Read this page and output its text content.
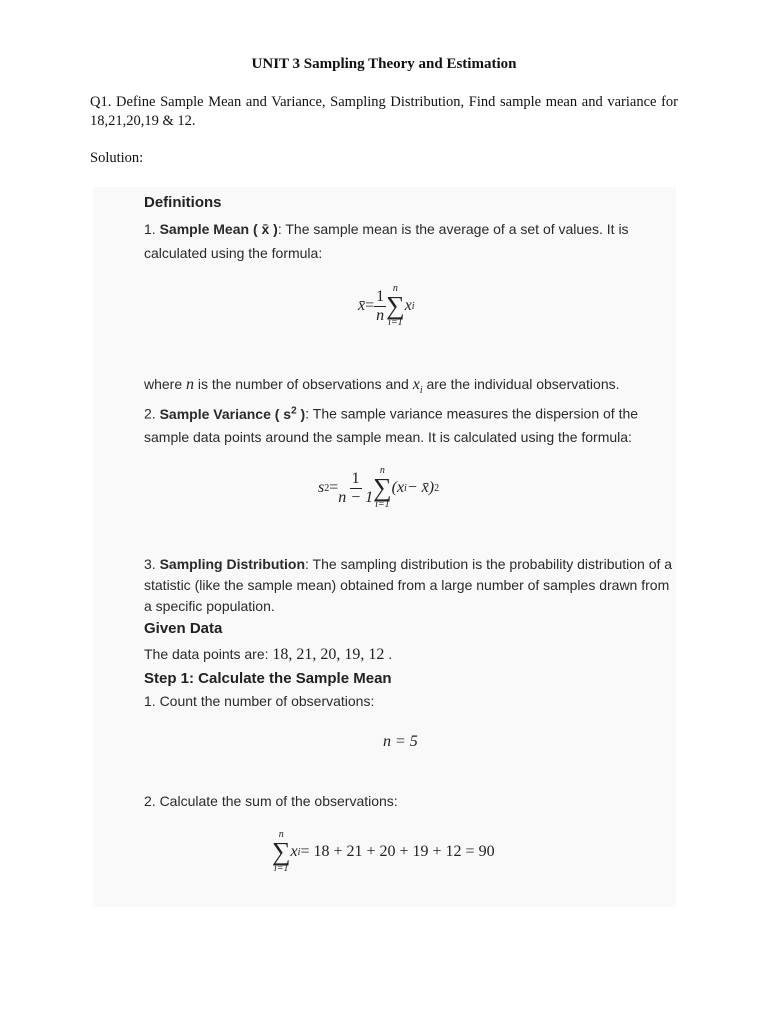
UNIT 3 Sampling Theory and Estimation
Q1. Define Sample Mean and Variance, Sampling Distribution, Find sample mean and variance for 18,21,20,19 & 12.
Solution:
Definitions
1. Sample Mean ( x̄ ): The sample mean is the average of a set of values. It is
calculated using the formula:
x̄ = $\frac{1}{n}$ n
∑
i=1
x i
where n is the number of observations and $x_i$ are the individual observations.
2. Sample Variance ( $s^2$ ): The sample variance measures the dispersion of the
sample data points around the sample mean. It is calculated using the formula:
s $2 = \frac{1}{n - 1}$ n
∑
i=1
(x i − x̄) 2
3. Sampling Distribution: The sampling distribution is the probability distribution of a
statistic (like the sample mean) obtained from a large number of samples drawn from
a specific population.
Given Data
The data points are: 18, 21, 20, 19, 12 .
Step 1: Calculate the Sample Mean
1. Count the number of observations:
n = 5
2. Calculate the sum of the observations:
n
∑
i=1
x i = 18 + 21 + 20 + 19 + 12 = 90
